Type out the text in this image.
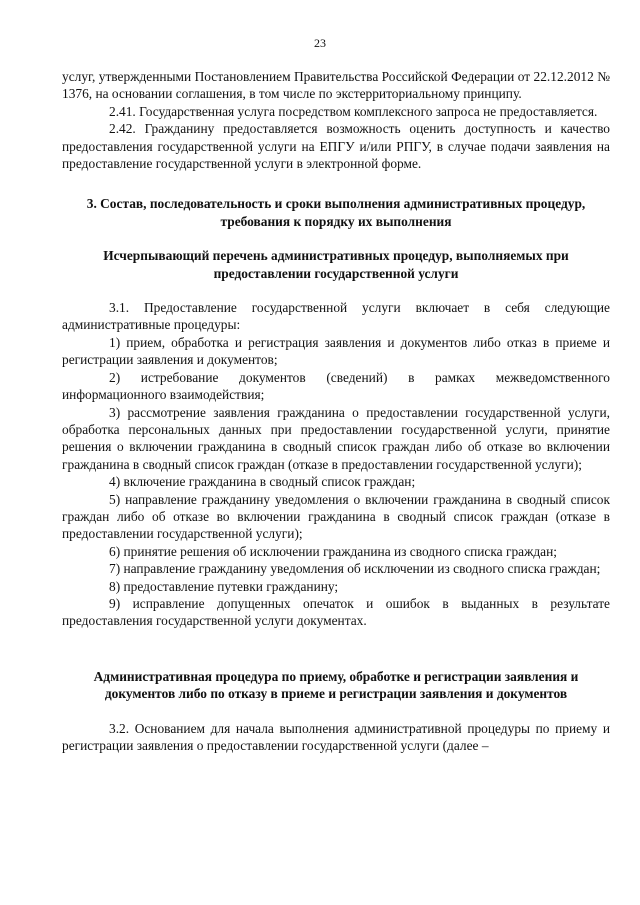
23

услуг, утвержденными Постановлением Правительства Российской Федерации от 22.12.2012 № 1376, на основании соглашения, в том числе по экстерриториальному принципу.

2.41. Государственная услуга посредством комплексного запроса не предоставляется.

2.42. Гражданину предоставляется возможность оценить доступность и качество предоставления государственной услуги на ЕПГУ и/или РПГУ, в случае подачи заявления на предоставление государственной услуги в электронной форме.

3. Состав, последовательность и сроки выполнения административных процедур, требования к порядку их выполнения
Исчерпывающий перечень административных процедур, выполняемых при предоставлении государственной услуги

3.1. Предоставление государственной услуги включает в себя следующие административные процедуры:

1) прием, обработка и регистрация заявления и документов либо отказ в приеме и регистрации заявления и документов;

2) истребование документов (сведений) в рамках межведомственного информационного взаимодействия;

3) рассмотрение заявления гражданина о предоставлении государственной услуги, обработка персональных данных при предоставлении государственной услуги, принятие решения о включении гражданина в сводный список граждан либо об отказе во включении гражданина в сводный список граждан (отказе в предоставлении государственной услуги);

4) включение гражданина в сводный список граждан;

5) направление гражданину уведомления о включении гражданина в сводный список граждан либо об отказе во включении гражданина в сводный список граждан (отказе в предоставлении государственной услуги);

6) принятие решения об исключении гражданина из сводного списка граждан;

7) направление гражданину уведомления об исключении из сводного списка граждан;

8) предоставление путевки гражданину;

9) исправление допущенных опечаток и ошибок в выданных в результате предоставления государственной услуги документах.

Административная процедура по приему, обработке и регистрации заявления и документов либо по отказу в приеме и регистрации заявления и документов

3.2. Основанием для начала выполнения административной процедуры по приему и регистрации заявления о предоставлении государственной услуги (далее –
